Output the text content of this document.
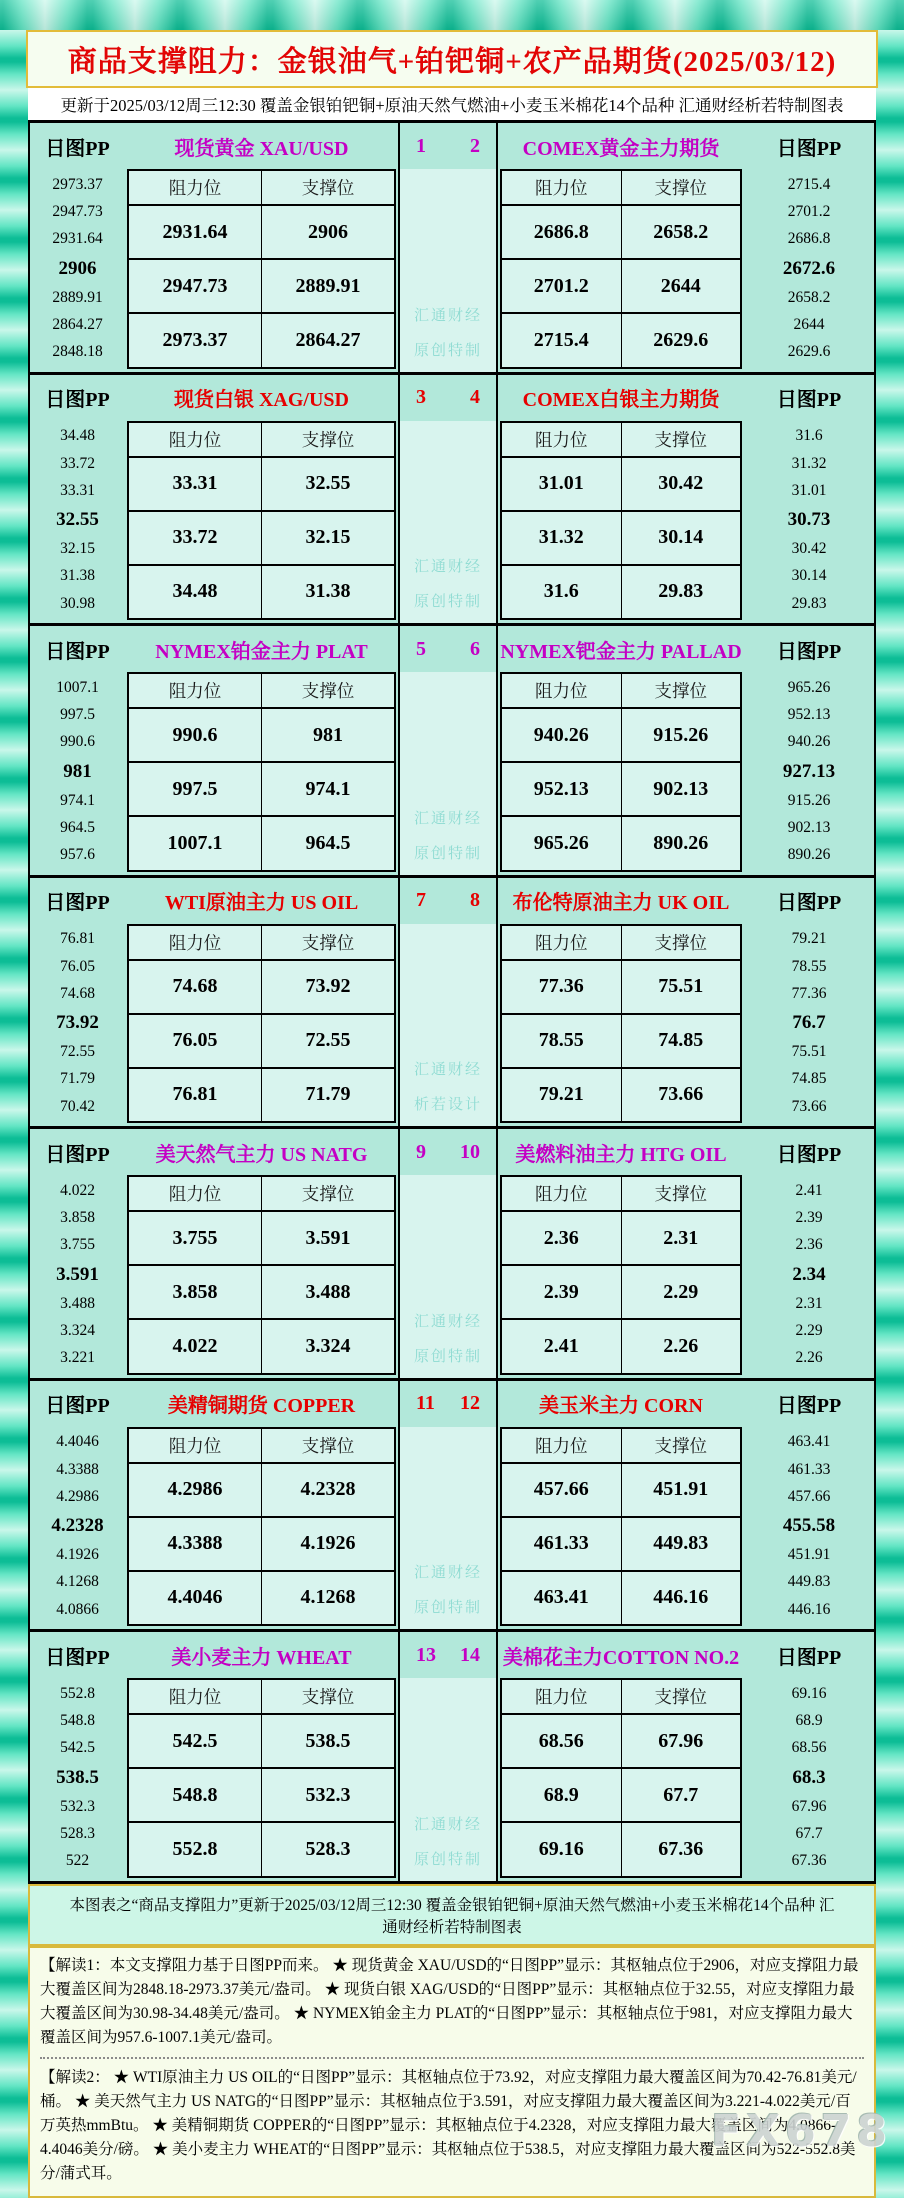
商品支撑阻力：金银油气+铂钯铜+农产品期货(2025/03/12)
更新于2025/03/12周三12:30 覆盖金银铂钯铜+原油天然气燃油+小麦玉米棉花14个品种 汇通财经析若特制图表
日图PP
2973.37
2947.73
2931.64
2906
2889.91
2864.27
2848.18
现货黄金 XAU/USD
阻力位	支撑位
2931.64	2906
2947.73	2889.91
2973.37	2864.27
1 2
汇通财经
原创特制
COMEX黄金主力期货
阻力位	支撑位
2686.8	2658.2
2701.2	2644
2715.4	2629.6
日图PP
2715.4
2701.2
2686.8
2672.6
2658.2
2644
2629.6
日图PP
34.48
33.72
33.31
32.55
32.15
31.38
30.98
现货白银 XAG/USD
阻力位	支撑位
33.31	32.55
33.72	32.15
34.48	31.38
3 4
汇通财经
原创特制
COMEX白银主力期货
阻力位	支撑位
31.01	30.42
31.32	30.14
31.6	29.83
日图PP
31.6
31.32
31.01
30.73
30.42
30.14
29.83
日图PP
1007.1
997.5
990.6
981
974.1
964.5
957.6
NYMEX铂金主力 PLAT
阻力位	支撑位
990.6	981
997.5	974.1
1007.1	964.5
5 6
汇通财经
原创特制
NYMEX钯金主力 PALLAD
阻力位	支撑位
940.26	915.26
952.13	902.13
965.26	890.26
日图PP
965.26
952.13
940.26
927.13
915.26
902.13
890.26
日图PP
76.81
76.05
74.68
73.92
72.55
71.79
70.42
WTI原油主力 US OIL
阻力位	支撑位
74.68	73.92
76.05	72.55
76.81	71.79
7 8
汇通财经
析若设计
布伦特原油主力 UK OIL
阻力位	支撑位
77.36	75.51
78.55	74.85
79.21	73.66
日图PP
79.21
78.55
77.36
76.7
75.51
74.85
73.66
日图PP
4.022
3.858
3.755
3.591
3.488
3.324
3.221
美天然气主力 US NATG
阻力位	支撑位
3.755	3.591
3.858	3.488
4.022	3.324
9 10
汇通财经
原创特制
美燃料油主力 HTG OIL
阻力位	支撑位
2.36	2.31
2.39	2.29
2.41	2.26
日图PP
2.41
2.39
2.36
2.34
2.31
2.29
2.26
日图PP
4.4046
4.3388
4.2986
4.2328
4.1926
4.1268
4.0866
美精铜期货 COPPER
阻力位	支撑位
4.2986	4.2328
4.3388	4.1926
4.4046	4.1268
11 12
汇通财经
原创特制
美玉米主力 CORN
阻力位	支撑位
457.66	451.91
461.33	449.83
463.41	446.16
日图PP
463.41
461.33
457.66
455.58
451.91
449.83
446.16
日图PP
552.8
548.8
542.5
538.5
532.3
528.3
522
美小麦主力 WHEAT
阻力位	支撑位
542.5	538.5
548.8	532.3
552.8	528.3
13 14
汇通财经
原创特制
美棉花主力COTTON NO.2
阻力位	支撑位
68.56	67.96
68.9	67.7
69.16	67.36
日图PP
69.16
68.9
68.56
68.3
67.96
67.7
67.36
本图表之“商品支撑阻力”更新于2025/03/12周三12:30 覆盖金银铂钯铜+原油天然气燃油+小麦玉米棉花14个品种 汇通财经析若特制图表

【解读1：本文支撑阻力基于日图PP而来。 ★ 现货黄金 XAU/USD的“日图PP”显示：其枢轴点位于2906，对应支撑阻力最大覆盖区间为2848.18-2973.37美元/盎司。 ★ 现货白银 XAG/USD的“日图PP”显示：其枢轴点位于32.55，对应支撑阻力最大覆盖区间为30.98-34.48美元/盎司。 ★ NYMEX铂金主力 PLAT的“日图PP”显示：其枢轴点位于981，对应支撑阻力最大覆盖区间为957.6-1007.1美元/盎司。

【解读2： ★ WTI原油主力 US OIL的“日图PP”显示：其枢轴点位于73.92，对应支撑阻力最大覆盖区间为70.42-76.81美元/桶。 ★ 美天然气主力 US NATG的“日图PP”显示：其枢轴点位于3.591，对应支撑阻力最大覆盖区间为3.221-4.022美元/百万英热mmBtu。 ★ 美精铜期货 COPPER的“日图PP”显示：其枢轴点位于4.2328，对应支撑阻力最大覆盖区间为4.0866-4.4046美分/磅。 ★ 美小麦主力 WHEAT的“日图PP”显示：其枢轴点位于538.5，对应支撑阻力最大覆盖区间为522-552.8美分/蒲式耳。

FX678
